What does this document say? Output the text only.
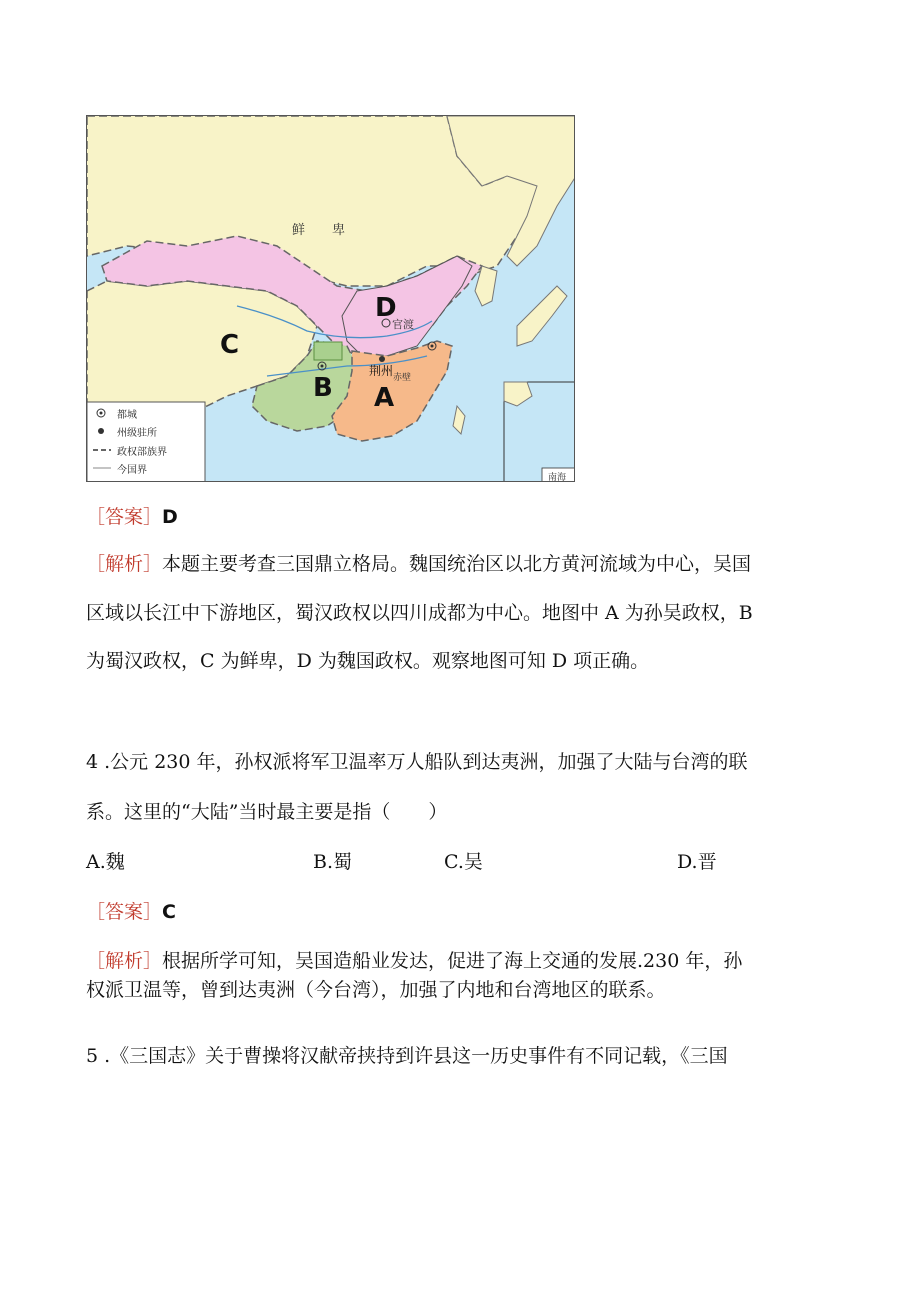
A
B
C
D
鲜 卑
官渡
荆州 赤壁
南海
都城
州级驻所
政权部族界
今国界
［答案］D
［解析］本题主要考查三国鼎立格局。魏国统治区以北方黄河流域为中心，吴国
区域以长江中下游地区，蜀汉政权以四川成都为中心。地图中 A 为孙吴政权，B
为蜀汉政权，C 为鲜卑，D 为魏国政权。观察地图可知 D 项正确。
4 .公元 230 年，孙权派将军卫温率万人船队到达夷洲，加强了大陆与台湾的联
系。这里的“大陆”当时最主要是指（　　）
A.魏	B.蜀	C.吴	D.晋
［答案］C
［解析］根据所学可知，吴国造船业发达，促进了海上交通的发展.230 年，孙
权派卫温等，曾到达夷洲（今台湾），加强了内地和台湾地区的联系。
5 .《三国志》关于曹操将汉献帝挟持到许县这一历史事件有不同记载，《三国
